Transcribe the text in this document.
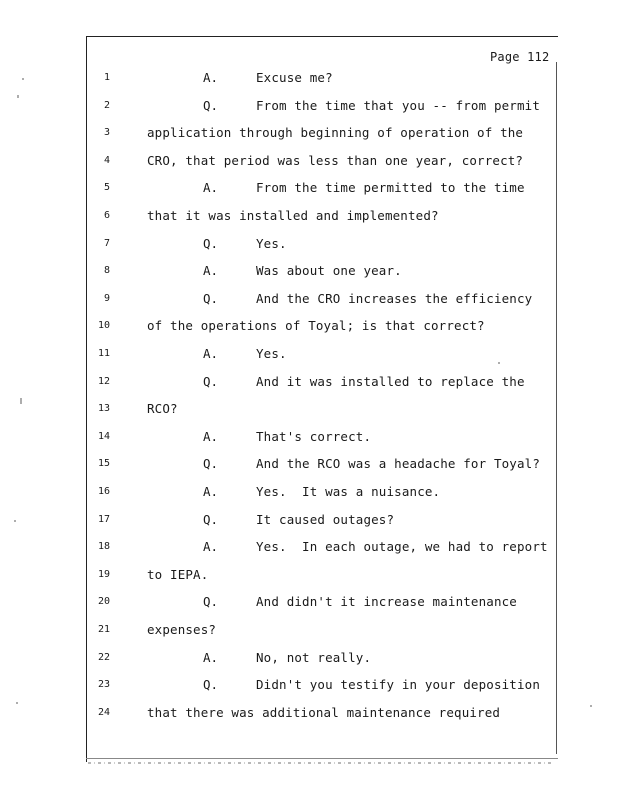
Page 112
1	A.	Excuse me?
2	Q.	From the time that you -- from permit
3	application through beginning of operation of the
4	CRO, that period was less than one year, correct?
5	A.	From the time permitted to the time
6	that it was installed and implemented?
7	Q.	Yes.
8	A.	Was about one year.
9	Q.	And the CRO increases the efficiency
10	of the operations of Toyal; is that correct?
11	A.	Yes.
12	Q.	And it was installed to replace the
13	RCO?
14	A.	That's correct.
15	Q.	And the RCO was a headache for Toyal?
16	A.	Yes.  It was a nuisance.
17	Q.	It caused outages?
18	A.	Yes.  In each outage, we had to report
19	to IEPA.
20	Q.	And didn't it increase maintenance
21	expenses?
22	A.	No, not really.
23	Q.	Didn't you testify in your deposition
24	that there was additional maintenance required
